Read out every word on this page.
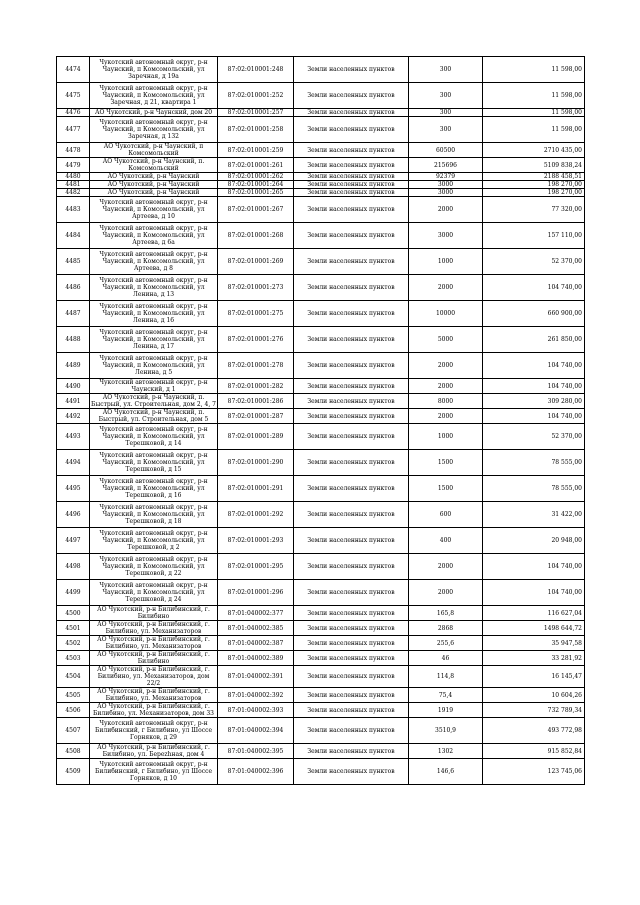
4474	Чукотский автономный округ, р-н Чаунский, п Комсомольский, ул Заречная, д 19а	87:02:010001:248	Земли населенных пунктов	300	11 598,00
4475	Чукотский автономный округ, р-н Чаунский, п Комсомольский, ул Заречная, д 21, квартира 1	87:02:010001:252	Земли населенных пунктов	300	11 598,00
4476	АО Чукотский, р-н Чаунский, дом 20	87:02:010001:257	Земли населенных пунктов	300	11 598,00
4477	Чукотский автономный округ, р-н Чаунский, п Комсомольский, ул Заречная, д 132	87:02:010001:258	Земли населенных пунктов	300	11 598,00
4478	АО Чукотский, р-н Чаунский, п Комсомольский	87:02:010001:259	Земли населенных пунктов	60500	2710 435,00
4479	АО Чукотский, р-н Чаунский, п. Комсомольский	87:02:010001:261	Земли населенных пунктов	215696	5109 838,24
4480	АО Чукотский, р-н Чаунский	87:02:010001:262	Земли населенных пунктов	92379	2188 458,51
4481	АО Чукотский, р-н Чаунский	87:02:010001:264	Земли населенных пунктов	3000	198 270,00
4482	АО Чукотский, р-н Чаунский	87:02:010001:265	Земли населенных пунктов	3000	198 270,00
4483	Чукотский автономный округ, р-н Чаунский, п Комсомольский, ул Артеева, д 10	87:02:010001:267	Земли населенных пунктов	2000	77 320,00
4484	Чукотский автономный округ, р-н Чаунский, п Комсомольский, ул Артеева, д 6а	87:02:010001:268	Земли населенных пунктов	3000	157 110,00
4485	Чукотский автономный округ, р-н Чаунский, п Комсомольский, ул Артеева, д 8	87:02:010001:269	Земли населенных пунктов	1000	52 370,00
4486	Чукотский автономный округ, р-н Чаунский, п Комсомольский, ул Ленина, д 13	87:02:010001:273	Земли населенных пунктов	2000	104 740,00
4487	Чукотский автономный округ, р-н Чаунский, п Комсомольский, ул Ленина, д 16	87:02:010001:275	Земли населенных пунктов	10000	660 900,00
4488	Чукотский автономный округ, р-н Чаунский, п Комсомольский, ул Ленина, д 17	87:02:010001:276	Земли населенных пунктов	5000	261 850,00
4489	Чукотский автономный округ, р-н Чаунский, п Комсомольский, ул Ленина, д 5	87:02:010001:278	Земли населенных пунктов	2000	104 740,00
4490	Чукотский автономный округ, р-н Чаунский, д 1	87:02:010001:282	Земли населенных пунктов	2000	104 740,00
4491	АО Чукотский, р-н Чаунский, п. Быстрый, ул. Строительная, дом 2, 4, 7	87:02:010001:286	Земли населенных пунктов	8000	309 280,00
4492	АО Чукотский, р-н Чаунский, п. Быстрый, ул. Строительная, дом 5	87:02:010001:287	Земли населенных пунктов	2000	104 740,00
4493	Чукотский автономный округ, р-н Чаунский, п Комсомольский, ул Терешковой, д 14	87:02:010001:289	Земли населенных пунктов	1000	52 370,00
4494	Чукотский автономный округ, р-н Чаунский, п Комсомольский, ул Терешковой, д 15	87:02:010001:290	Земли населенных пунктов	1500	78 555,00
4495	Чукотский автономный округ, р-н Чаунский, п Комсомольский, ул Терешковой, д 16	87:02:010001:291	Земли населенных пунктов	1500	78 555,00
4496	Чукотский автономный округ, р-н Чаунский, п Комсомольский, ул Терешковой, д 18	87:02:010001:292	Земли населенных пунктов	600	31 422,00
4497	Чукотский автономный округ, р-н Чаунский, п Комсомольский, ул Терешковой, д 2	87:02:010001:293	Земли населенных пунктов	400	20 948,00
4498	Чукотский автономный округ, р-н Чаунский, п Комсомольский, ул Терешковой, д 22	87:02:010001:295	Земли населенных пунктов	2000	104 740,00
4499	Чукотский автономный округ, р-н Чаунский, п Комсомольский, ул Терешковой, д 24	87:02:010001:296	Земли населенных пунктов	2000	104 740,00
4500	АО Чукотский, р-н Билибинский, г. Билибино	87:01:040002:377	Земли населенных пунктов	165,8	116 627,04
4501	АО Чукотский, р-н Билибинский, г. Билибино, ул. Механизаторов	87:01:040002:385	Земли населенных пунктов	2868	1498 644,72
4502	АО Чукотский, р-н Билибинский, г. Билибино, ул. Механизаторов	87:01:040002:387	Земли населенных пунктов	255,6	35 947,58
4503	АО Чукотский, р-н Билибинский, г. Билибино	87:01:040002:389	Земли населенных пунктов	46	33 281,92
4504	АО Чукотский, р-н Билибинский, г. Билибино, ул. Механизаторов, дом 22/2	87:01:040002:391	Земли населенных пунктов	114,8	16 145,47
4505	АО Чукотский, р-н Билибинский, г. Билибино, ул. Механизаторов	87:01:040002:392	Земли населенных пунктов	75,4	10 604,26
4506	АО Чукотский, р-н Билибинский, г. Билибино, ул. Механизаторов, дом 33	87:01:040002:393	Земли населенных пунктов	1919	732 789,34
4507	Чукотский автономный округ, р-н Билибинский, г Билибино, ул Шоссе Горняков, д 29	87:01:040002:394	Земли населенных пунктов	3510,9	493 772,98
4508	АО Чукотский, р-н Билибинский, г. Билибино, ул. Береzhная, дом 4	87:01:040002:395	Земли населенных пунктов	1302	915 852,84
4509	Чукотский автономный округ, р-н Билибинский, г Билибино, ул Шоссе Горняков, д 10	87:01:040002:396	Земли населенных пунктов	146,6	123 745,06
